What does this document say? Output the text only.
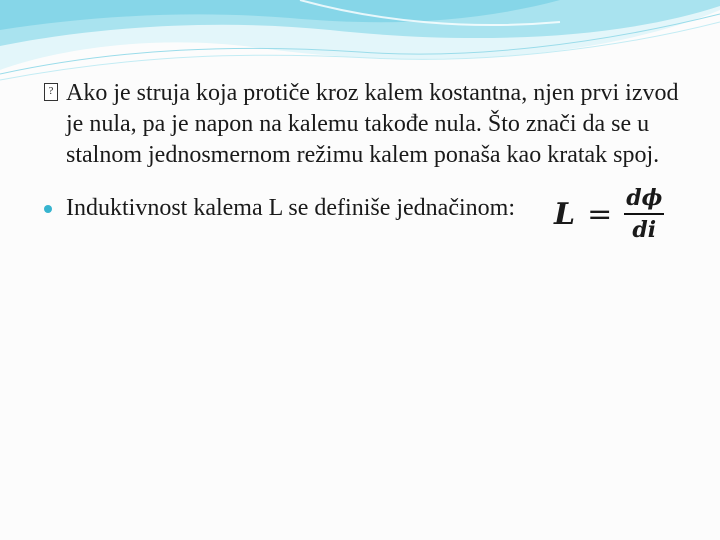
? Ako je struja koja protiče kroz kalem kostantna, njen prvi izvod je nula, pa je napon na kalemu takođe nula. Što znači da se u stalnom jednosmernom režimu kalem ponaša kao kratak spoj.
Induktivnost kalema L se definiše jednačinom: $L = \frac{d\phi}{di}$
